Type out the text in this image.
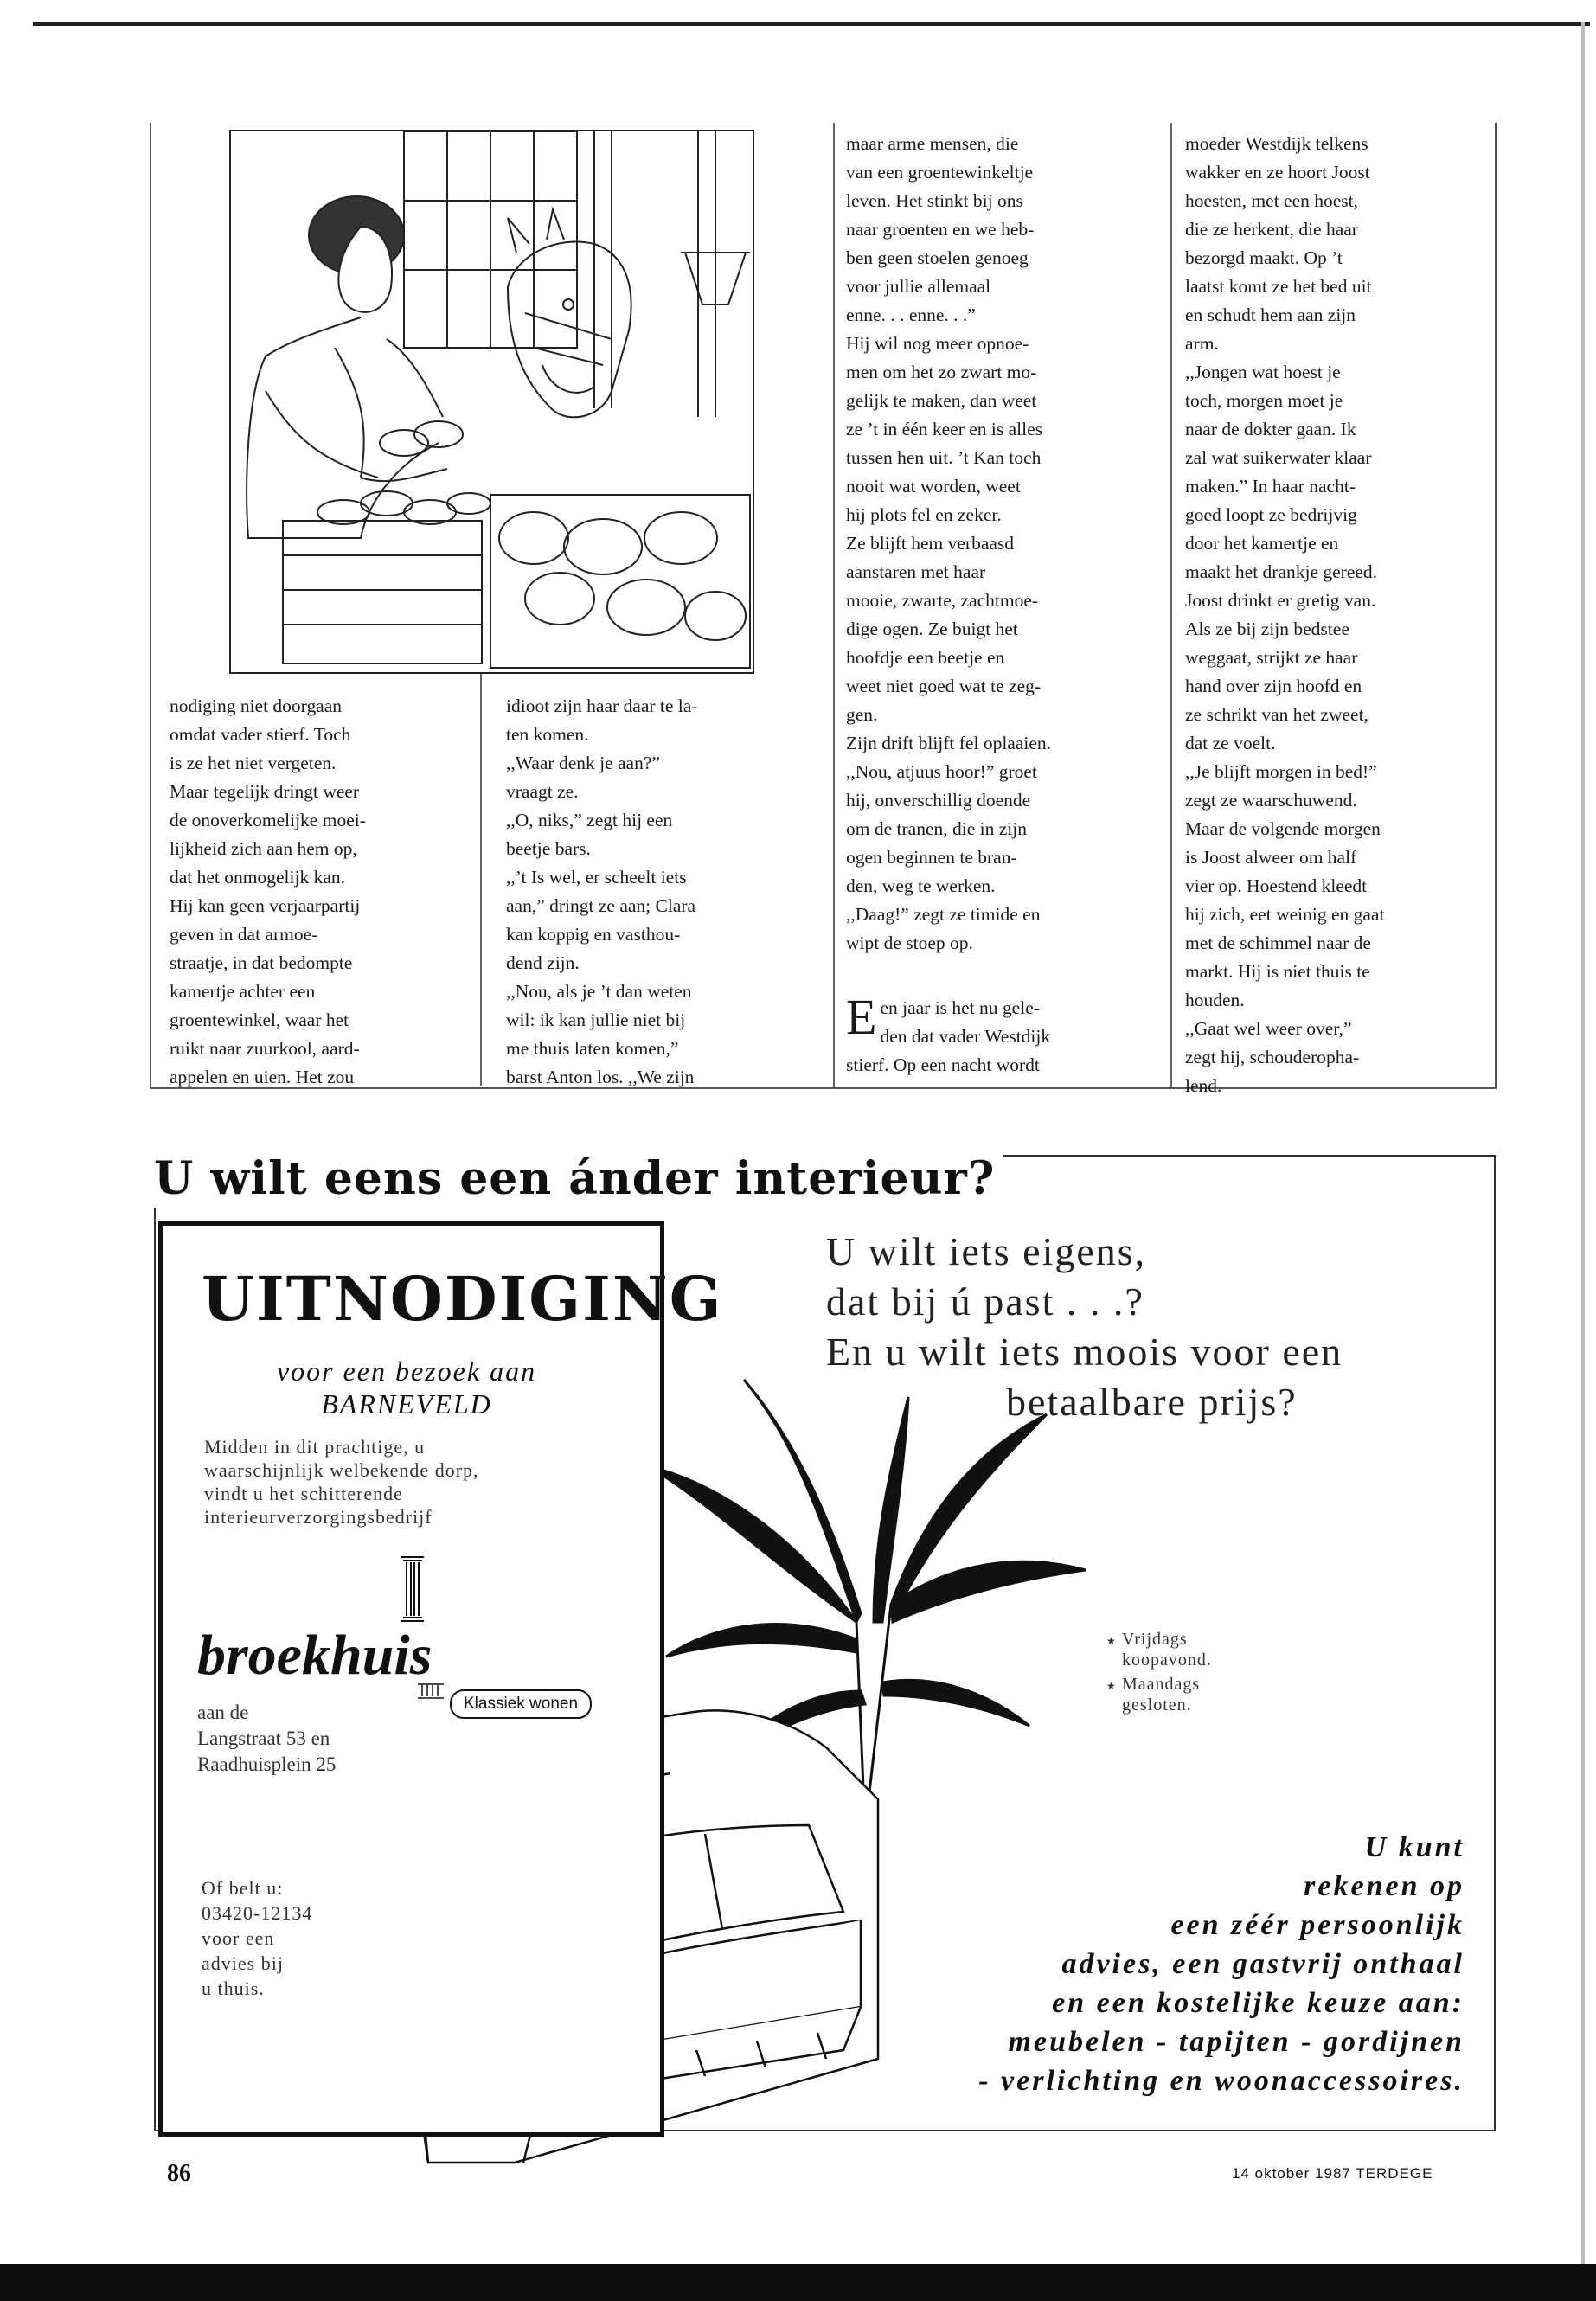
nodiging niet doorgaan
omdat vader stierf. Toch
is ze het niet vergeten.
Maar tegelijk dringt weer
de onoverkomelijke moei-
lijkheid zich aan hem op,
dat het onmogelijk kan.
Hij kan geen verjaarpartij
geven in dat armoe-
straatje, in dat bedompte
kamertje achter een
groentewinkel, waar het
ruikt naar zuurkool, aard-
appelen en uien. Het zou

idioot zijn haar daar te la-
ten komen.
,,Waar denk je aan?”
vraagt ze.
,,O, niks,” zegt hij een
beetje bars.
,,’t Is wel, er scheelt iets
aan,” dringt ze aan; Clara
kan koppig en vasthou-
dend zijn.
,,Nou, als je ’t dan weten
wil: ik kan jullie niet bij
me thuis laten komen,”
barst Anton los. ,,We zijn

maar arme mensen, die
van een groentewinkeltje
leven. Het stinkt bij ons
naar groenten en we heb-
ben geen stoelen genoeg
voor jullie allemaal
enne. . . enne. . .”
Hij wil nog meer opnoe-
men om het zo zwart mo-
gelijk te maken, dan weet
ze ’t in één keer en is alles
tussen hen uit. ’t Kan toch
nooit wat worden, weet
hij plots fel en zeker.
Ze blijft hem verbaasd
aanstaren met haar
mooie, zwarte, zachtmoe-
dige ogen. Ze buigt het
hoofdje een beetje en
weet niet goed wat te zeg-
gen.
Zijn drift blijft fel oplaaien.
,,Nou, atjuus hoor!” groet
hij, onverschillig doende
om de tranen, die in zijn
ogen beginnen te bran-
den, weg te werken.
,,Daag!” zegt ze timide en
wipt de stoep op.

Een jaar is het nu gele-
den dat vader Westdijk
stierf. Op een nacht wordt

moeder Westdijk telkens
wakker en ze hoort Joost
hoesten, met een hoest,
die ze herkent, die haar
bezorgd maakt. Op ’t
laatst komt ze het bed uit
en schudt hem aan zijn
arm.
,,Jongen wat hoest je
toch, morgen moet je
naar de dokter gaan. Ik
zal wat suikerwater klaar
maken.” In haar nacht-
goed loopt ze bedrijvig
door het kamertje en
maakt het drankje gereed.
Joost drinkt er gretig van.
Als ze bij zijn bedstee
weggaat, strijkt ze haar
hand over zijn hoofd en
ze schrikt van het zweet,
dat ze voelt.
,,Je blijft morgen in bed!”
zegt ze waarschuwend.
Maar de volgende morgen
is Joost alweer om half
vier op. Hoestend kleedt
hij zich, eet weinig en gaat
met de schimmel naar de
markt. Hij is niet thuis te
houden.
,,Gaat wel weer over,”
zegt hij, schouderopha-
lend.

U wilt eens een ánder interieur?
UITNODIGING
voor een bezoek aan
BARNEVELD
Midden in dit prachtige, u
waarschijnlijk welbekende dorp,
vindt u het schitterende
interieurverzorgingsbedrijf
broekhuis
Klassiek wonen
aan de
Langstraat 53 en
Raadhuisplein 25
Of belt u:
03420-12134
voor een
advies bij
u thuis.
U wilt iets eigens,
dat bij ú past . . .?
En u wilt iets moois voor een
betaalbare prijs?
★ Vrijdags koopavond.
★ Maandags gesloten.
U kunt
rekenen op
een zéér persoonlijk
advies, een gastvrij onthaal
en een kostelijke keuze aan:
meubelen - tapijten - gordijnen
- verlichting en woonaccessoires.
86	14 oktober 1987 TERDEGE
